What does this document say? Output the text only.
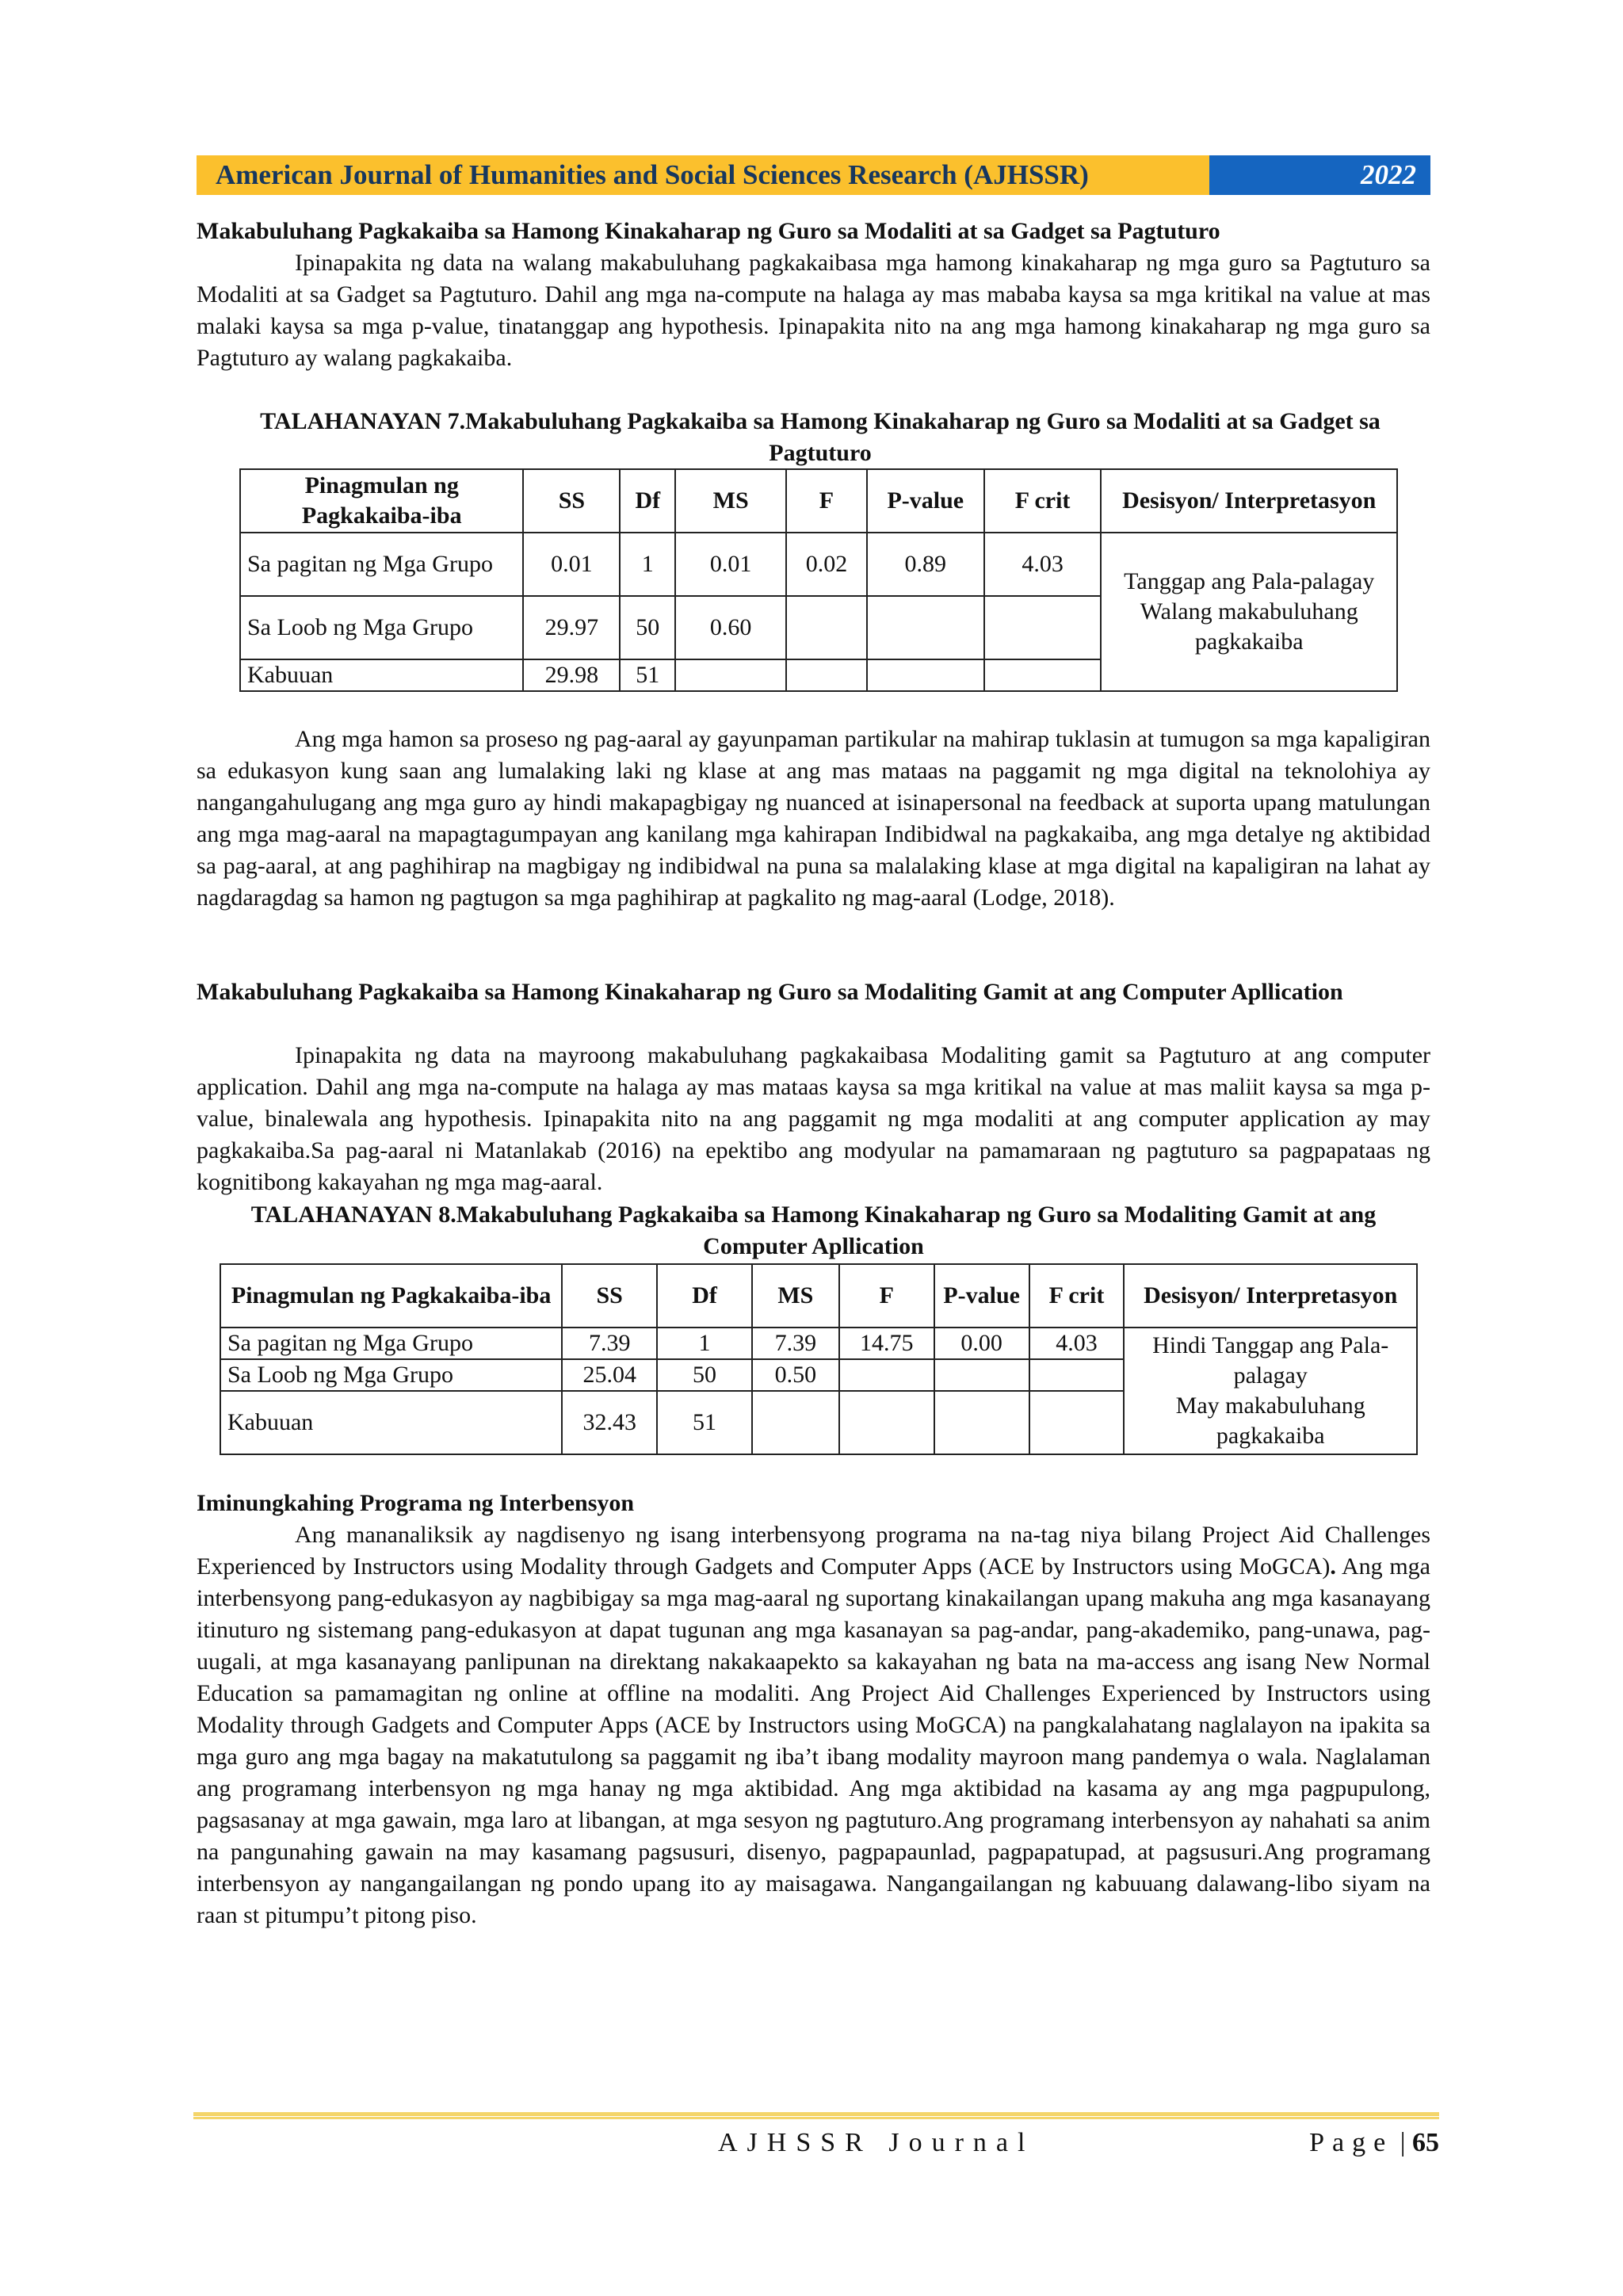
American Journal of Humanities and Social Sciences Research (AJHSSR)	2022
Makabuluhang Pagkakaiba sa Hamong Kinakaharap ng Guro sa Modaliti at sa Gadget sa Pagtuturo

Ipinapakita ng data na walang makabuluhang pagkakaibasa mga hamong kinakaharap ng mga guro sa Pagtuturo sa Modaliti at sa Gadget sa Pagtuturo. Dahil ang mga na-compute na halaga ay mas mababa kaysa sa mga kritikal na value at mas malaki kaysa sa mga p-value, tinatanggap ang hypothesis. Ipinapakita nito na ang mga hamong kinakaharap ng mga guro sa Pagtuturo ay walang pagkakaiba.

TALAHANAYAN 7.Makabuluhang Pagkakaiba sa Hamong Kinakaharap ng Guro sa Modaliti at sa Gadget sa Pagtuturo
Pinagmulan ng Pagkakaiba-iba	SS	Df	MS	F	P-value	F crit	Desisyon/ Interpretasyon
Sa pagitan ng Mga Grupo	0.01	1	0.01	0.02	0.89	4.03	Tanggap ang Pala-palagay
Walang makabuluhang pagkakaiba

Sa Loob ng Mga Grupo	29.97	50	0.60				
Kabuuan	29.98	51					

Ang mga hamon sa proseso ng pag-aaral ay gayunpaman partikular na mahirap tuklasin at tumugon sa mga kapaligiran sa edukasyon kung saan ang lumalaking laki ng klase at ang mas mataas na paggamit ng mga digital na teknolohiya ay nangangahulugang ang mga guro ay hindi makapagbigay ng nuanced at isinapersonal na feedback at suporta upang matulungan ang mga mag-aaral na mapagtagumpayan ang kanilang mga kahirapan Indibidwal na pagkakaiba, ang mga detalye ng aktibidad sa pag-aaral, at ang paghihirap na magbigay ng indibidwal na puna sa malalaking klase at mga digital na kapaligiran na lahat ay nagdaragdag sa hamon ng pagtugon sa mga paghihirap at pagkalito ng mag-aaral (Lodge, 2018).

Makabuluhang Pagkakaiba sa Hamong Kinakaharap ng Guro sa Modaliting Gamit at ang Computer Apllication

Ipinapakita ng data na mayroong makabuluhang pagkakaibasa Modaliting gamit sa Pagtuturo at ang computer application. Dahil ang mga na-compute na halaga ay mas mataas kaysa sa mga kritikal na value at mas maliit kaysa sa mga p-value, binalewala ang hypothesis. Ipinapakita nito na ang paggamit ng mga modaliti at ang computer application ay may pagkakaiba.Sa pag-aaral ni Matanlakab (2016) na epektibo ang modyular na pamamaraan ng pagtuturo sa pagpapataas ng kognitibong kakayahan ng mga mag-aaral.

TALAHANAYAN 8.Makabuluhang Pagkakaiba sa Hamong Kinakaharap ng Guro sa Modaliting Gamit at ang Computer Apllication
Pinagmulan ng Pagkakaiba-iba	SS	Df	MS	F	P-value	F crit	Desisyon/ Interpretasyon
Sa pagitan ng Mga Grupo	7.39	1	7.39	14.75	0.00	4.03	Hindi Tanggap ang Pala-palagay
May makabuluhang pagkakaiba

Sa Loob ng Mga Grupo	25.04	50	0.50				
Kabuuan	32.43	51					
Iminungkahing Programa ng Interbensyon

Ang mananaliksik ay nagdisenyo ng isang interbensyong programa na na-tag niya bilang Project Aid Challenges Experienced by Instructors using Modality through Gadgets and Computer Apps (ACE by Instructors using MoGCA). Ang mga interbensyong pang-edukasyon ay nagbibigay sa mga mag-aaral ng suportang kinakailangan upang makuha ang mga kasanayang itinuturo ng sistemang pang-edukasyon at dapat tugunan ang mga kasanayan sa pag-andar, pang-akademiko, pang-unawa, pag-uugali, at mga kasanayang panlipunan na direktang nakakaapekto sa kakayahan ng bata na ma-access ang isang New Normal Education sa pamamagitan ng online at offline na modaliti. Ang Project Aid Challenges Experienced by Instructors using Modality through Gadgets and Computer Apps (ACE by Instructors using MoGCA) na pangkalahatang naglalayon na ipakita sa mga guro ang mga bagay na makatutulong sa paggamit ng iba’t ibang modality mayroon mang pandemya o wala. Naglalaman ang programang interbensyon ng mga hanay ng mga aktibidad. Ang mga aktibidad na kasama ay ang mga pagpupulong, pagsasanay at mga gawain, mga laro at libangan, at mga sesyon ng pagtuturo.Ang programang interbensyon ay nahahati sa anim na pangunahing gawain na may kasamang pagsusuri, disenyo, pagpapaunlad, pagpapatupad, at pagsusuri.Ang programang interbensyon ay nangangailangan ng pondo upang ito ay maisagawa. Nangangailangan ng kabuuang dalawang-libo siyam na raan st pitumpu’t pitong piso.

AJHSSR Journal	Page | 65
